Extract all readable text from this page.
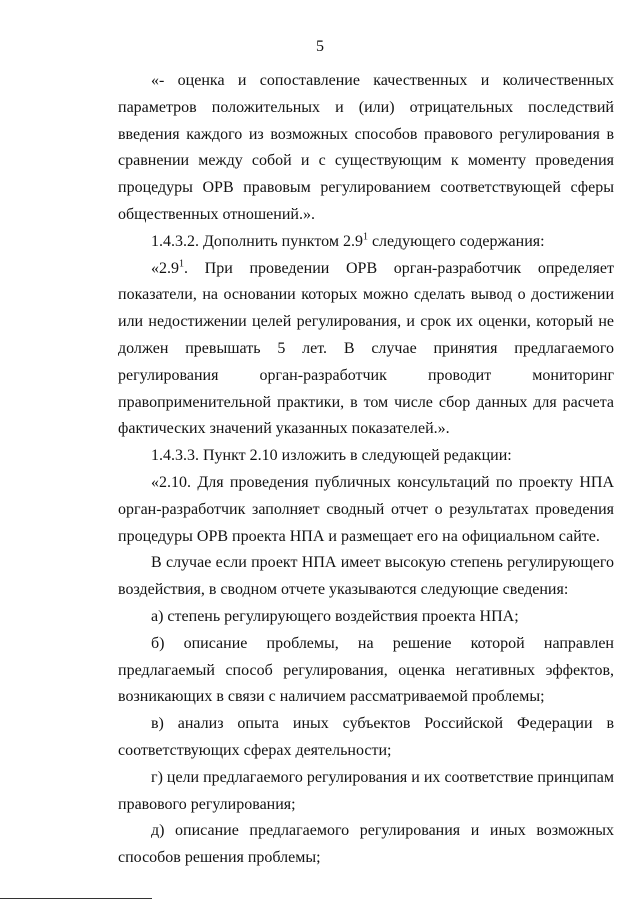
5

«- оценка и сопоставление качественных и количественных параметров положительных и (или) отрицательных последствий введения каждого из возможных способов правового регулирования в сравнении между собой и с существующим к моменту проведения процедуры ОРВ правовым регулированием соответствующей сферы общественных отношений.».

1.4.3.2. Дополнить пунктом $2.9^1$ следующего содержания:

«$2.9^1$. При проведении ОРВ орган-разработчик определяет показатели, на основании которых можно сделать вывод о достижении или недостижении целей регулирования, и срок их оценки, который не должен превышать 5 лет. В случае принятия предлагаемого регулирования орган-разработчик проводит мониторинг правоприменительной практики, в том числе сбор данных для расчета фактических значений указанных показателей.».

1.4.3.3. Пункт 2.10 изложить в следующей редакции:

«2.10. Для проведения публичных консультаций по проекту НПА орган-разработчик заполняет сводный отчет о результатах проведения процедуры ОРВ проекта НПА и размещает его на официальном сайте.

В случае если проект НПА имеет высокую степень регулирующего воздействия, в сводном отчете указываются следующие сведения:

а) степень регулирующего воздействия проекта НПА;

б) описание проблемы, на решение которой направлен предлагаемый способ регулирования, оценка негативных эффектов, возникающих в связи с наличием рассматриваемой проблемы;

в) анализ опыта иных субъектов Российской Федерации в соответствующих сферах деятельности;

г) цели предлагаемого регулирования и их соответствие принципам правового регулирования;

д) описание предлагаемого регулирования и иных возможных способов решения проблемы;
